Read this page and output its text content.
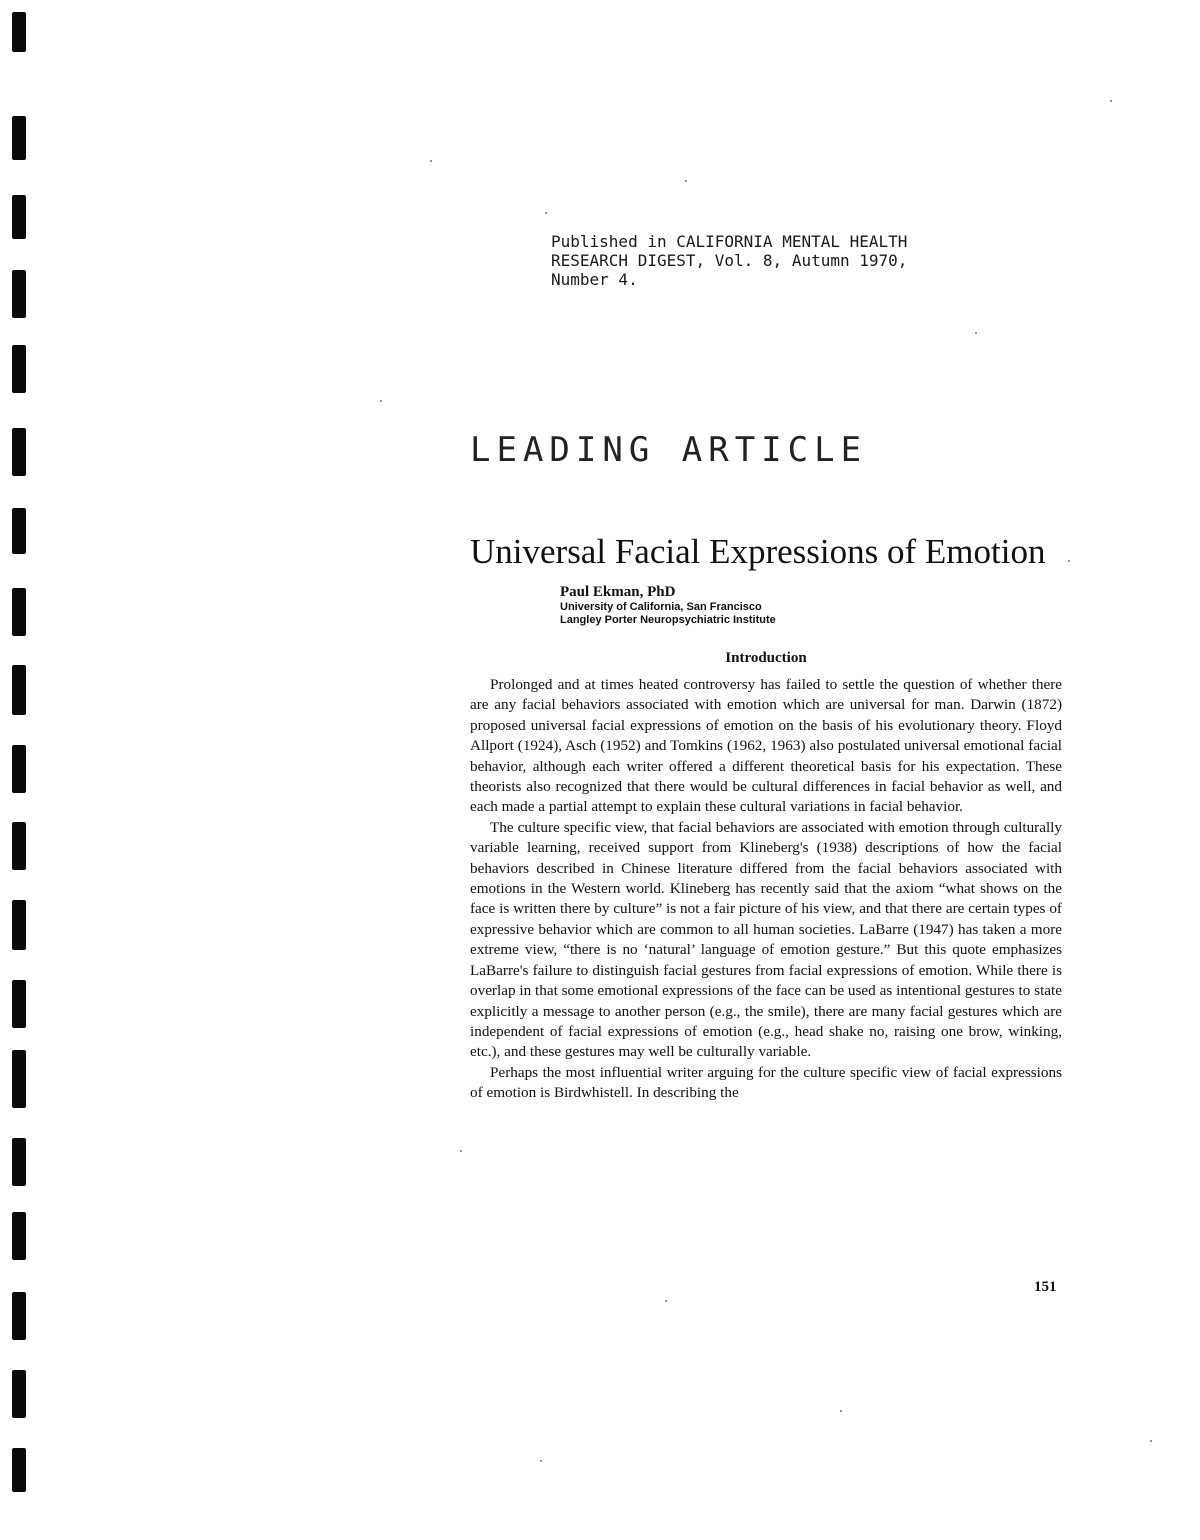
Published in CALIFORNIA MENTAL HEALTH
RESEARCH DIGEST, Vol. 8, Autumn 1970,
Number 4.
LEADING ARTICLE
Universal Facial Expressions of Emotion
Paul Ekman, PhD
University of California, San Francisco
Langley Porter Neuropsychiatric Institute
Introduction

Prolonged and at times heated controversy has failed to settle the question of whether there are any facial behaviors associated with emotion which are universal for man. Darwin (1872) proposed universal facial expressions of emotion on the basis of his evolutionary theory. Floyd Allport (1924), Asch (1952) and Tomkins (1962, 1963) also postulated universal emotional facial behavior, although each writer offered a different theoretical basis for his expectation. These theorists also recognized that there would be cultural differences in facial behavior as well, and each made a partial attempt to explain these cultural variations in facial behavior.

The culture specific view, that facial behaviors are associated with emotion through culturally variable learning, received support from Klineberg's (1938) descriptions of how the facial behaviors described in Chinese literature differed from the facial behaviors associated with emotions in the Western world. Klineberg has recently said that the axiom “what shows on the face is written there by culture” is not a fair picture of his view, and that there are certain types of expressive behavior which are common to all human societies. LaBarre (1947) has taken a more extreme view, “there is no ‘natural’ language of emotion gesture.” But this quote emphasizes LaBarre's failure to distinguish facial gestures from facial expressions of emotion. While there is overlap in that some emotional expressions of the face can be used as intentional gestures to state explicitly a message to another person (e.g., the smile), there are many facial gestures which are independent of facial expressions of emotion (e.g., head shake no, raising one brow, winking, etc.), and these gestures may well be culturally variable.

Perhaps the most influential writer arguing for the culture specific view of facial expressions of emotion is Birdwhistell. In describing the

151
